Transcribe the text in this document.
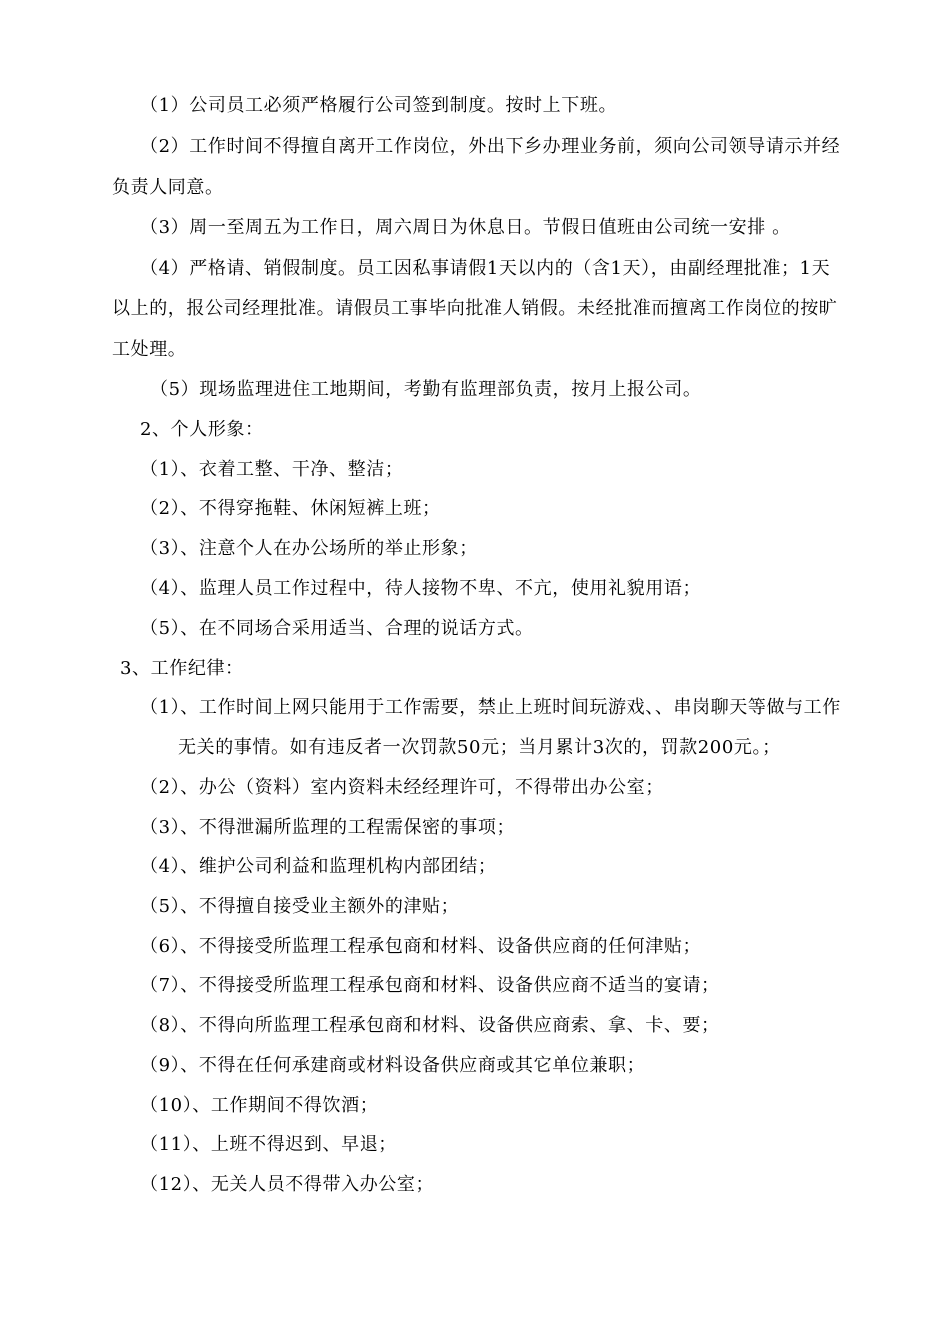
（1）公司员工必须严格履行公司签到制度。按时上下班。
（2）工作时间不得擅自离开工作岗位，外出下乡办理业务前，须向公司领导请示并经
负责人同意。
（3）周一至周五为工作日，周六周日为休息日。节假日值班由公司统一安排 。
（4）严格请、销假制度。员工因私事请假1天以内的（含1天），由副经理批准；1天
以上的，报公司经理批准。请假员工事毕向批准人销假。未经批准而擅离工作岗位的按旷
工处理。
（5）现场监理进住工地期间，考勤有监理部负责，按月上报公司。
2、个人形象：
（1）、衣着工整、干净、整洁；
（2）、不得穿拖鞋、休闲短裤上班；
（3）、注意个人在办公场所的举止形象；
（4）、监理人员工作过程中，待人接物不卑、不亢，使用礼貌用语；
（5）、在不同场合采用适当、合理的说话方式。
3、工作纪律：
（1）、工作时间上网只能用于工作需要，禁止上班时间玩游戏、、串岗聊天等做与工作
无关的事情。如有违反者一次罚款50元；当月累计3次的，罚款200元。；
（2）、办公（资料）室内资料未经经理许可，不得带出办公室；
（3）、不得泄漏所监理的工程需保密的事项；
（4）、维护公司利益和监理机构内部团结；
（5）、不得擅自接受业主额外的津贴；
（6）、不得接受所监理工程承包商和材料、设备供应商的任何津贴；
（7）、不得接受所监理工程承包商和材料、设备供应商不适当的宴请；
（8）、不得向所监理工程承包商和材料、设备供应商索、拿、卡、要；
（9）、不得在任何承建商或材料设备供应商或其它单位兼职；
（10）、工作期间不得饮酒；
（11）、上班不得迟到、早退；
（12）、无关人员不得带入办公室；
